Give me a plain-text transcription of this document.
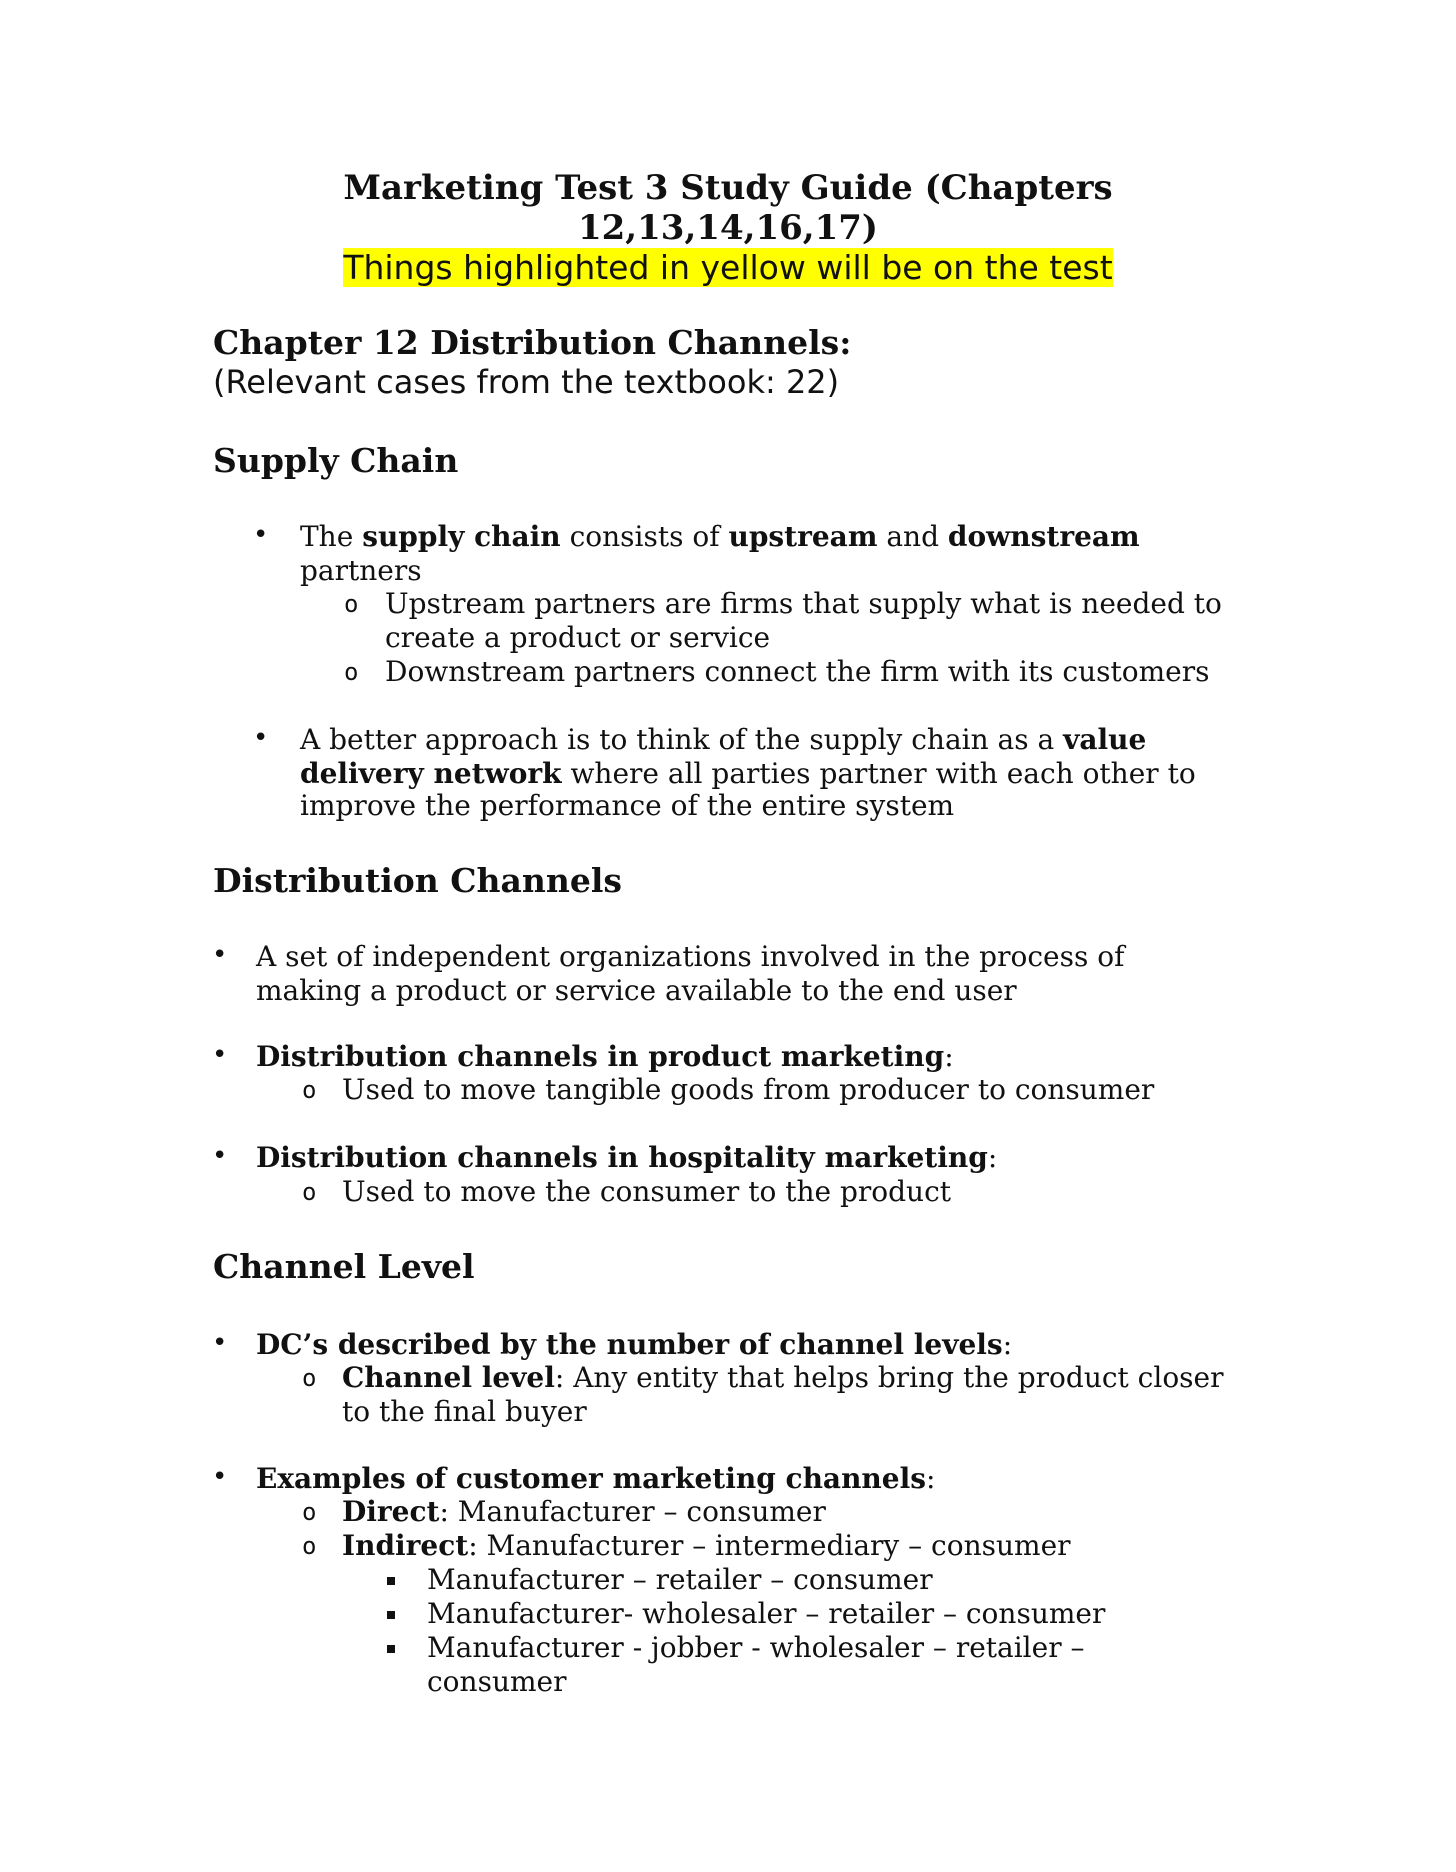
Marketing Test 3 Study Guide (Chapters
12,13,14,16,17)
Things highlighted in yellow will be on the test
Chapter 12 Distribution Channels:
(Relevant cases from the textbook: 22)
Supply Chain
• The supply chain consists of upstream and downstream
partners
o Upstream partners are firms that supply what is needed to
create a product or service
o Downstream partners connect the firm with its customers
• A better approach is to think of the supply chain as a value
delivery network where all parties partner with each other to
improve the performance of the entire system
Distribution Channels
• A set of independent organizations involved in the process of
making a product or service available to the end user
• Distribution channels in product marketing:
o Used to move tangible goods from producer to consumer
• Distribution channels in hospitality marketing:
o Used to move the consumer to the product
Channel Level
• DC’s described by the number of channel levels:
o Channel level: Any entity that helps bring the product closer
to the final buyer
• Examples of customer marketing channels:
o Direct: Manufacturer – consumer
o Indirect: Manufacturer – intermediary – consumer
Manufacturer – retailer – consumer
Manufacturer- wholesaler – retailer – consumer
Manufacturer - jobber - wholesaler – retailer –
consumer
